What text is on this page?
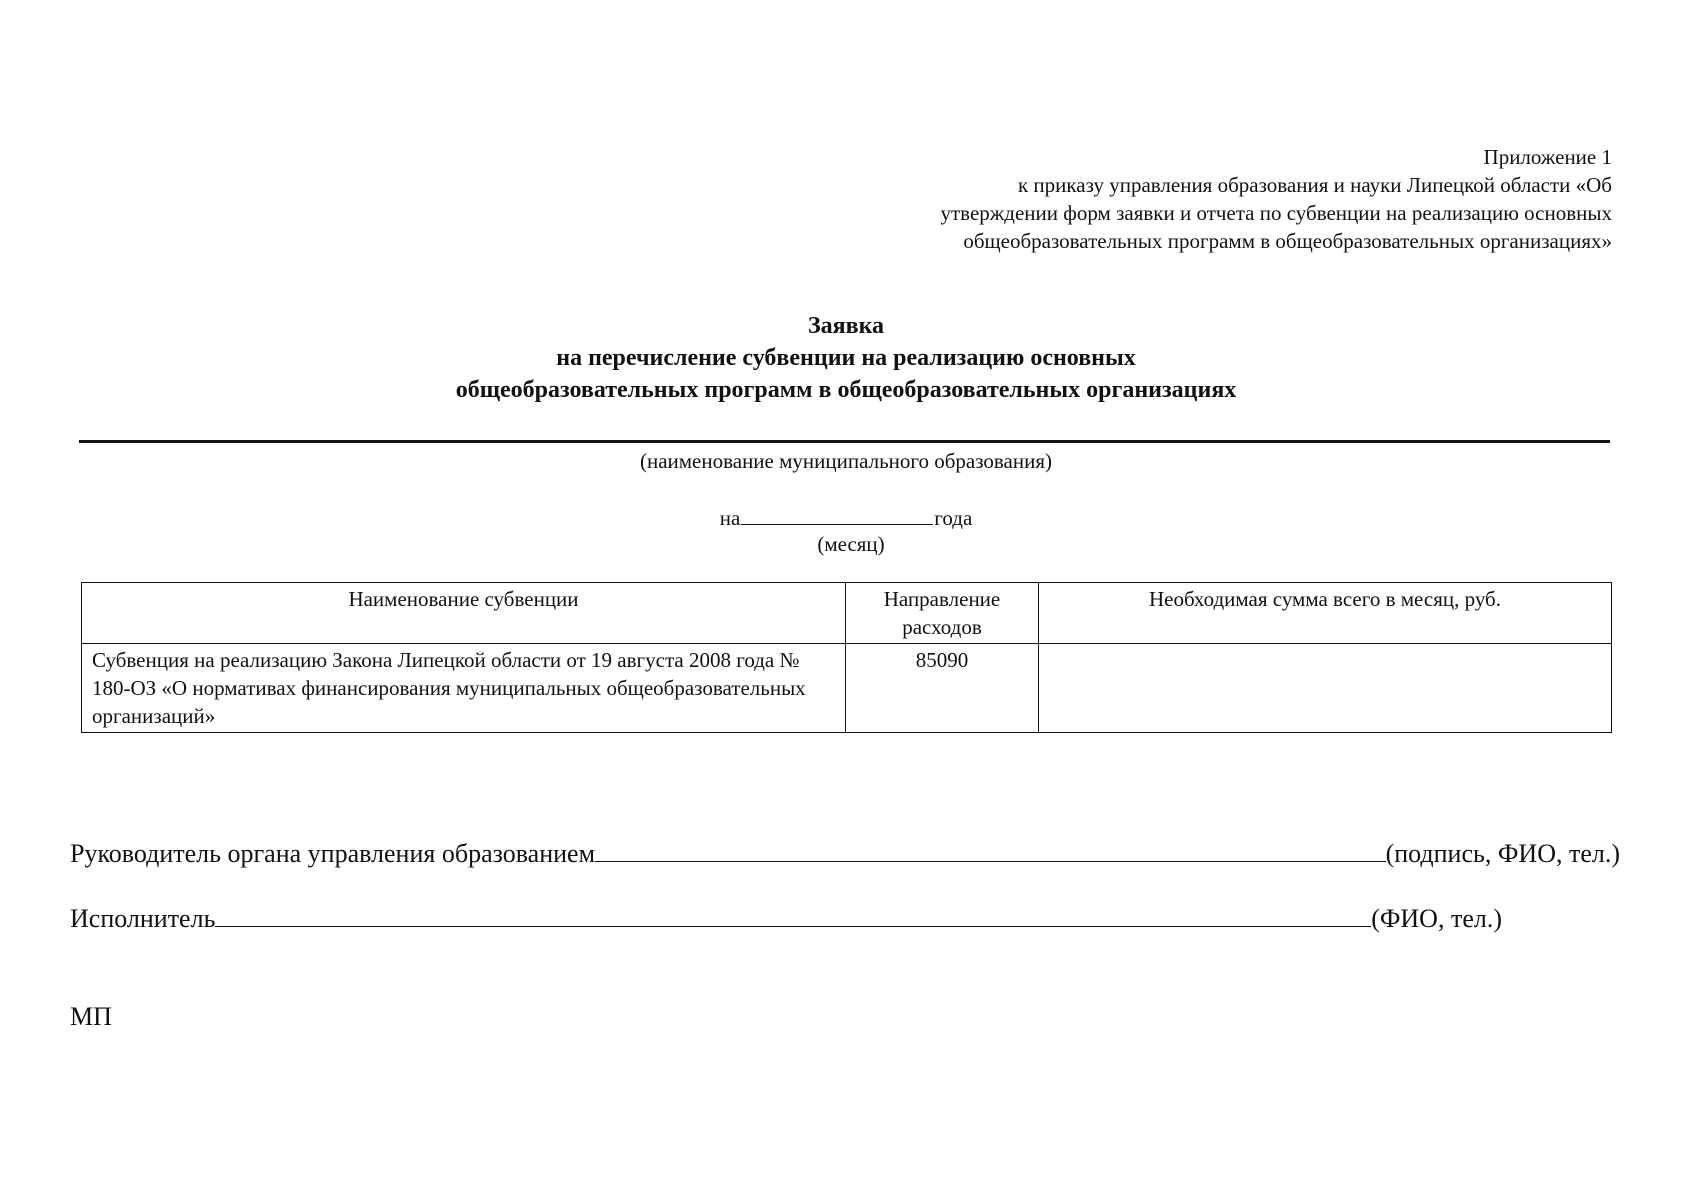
Приложение 1
к приказу управления образования и науки Липецкой области «Об
утверждении форм заявки и отчета по субвенции на реализацию основных
общеобразовательных программ в общеобразовательных организациях»
Заявка
на перечисление субвенции на реализацию основных
общеобразовательных программ в общеобразовательных организациях
(наименование муниципального образования)
на	года
(месяц)
Наименование субвенции	Направление расходов	Необходимая сумма всего в месяц, руб.
Субвенция на реализацию Закона Липецкой области от 19 августа 2008 года № 180-ОЗ «О нормативах финансирования муниципальных общеобразовательных организаций»	85090	
Руководитель органа управления образованием	(подпись, ФИО, тел.)
Исполнитель	(ФИО, тел.)
МП
